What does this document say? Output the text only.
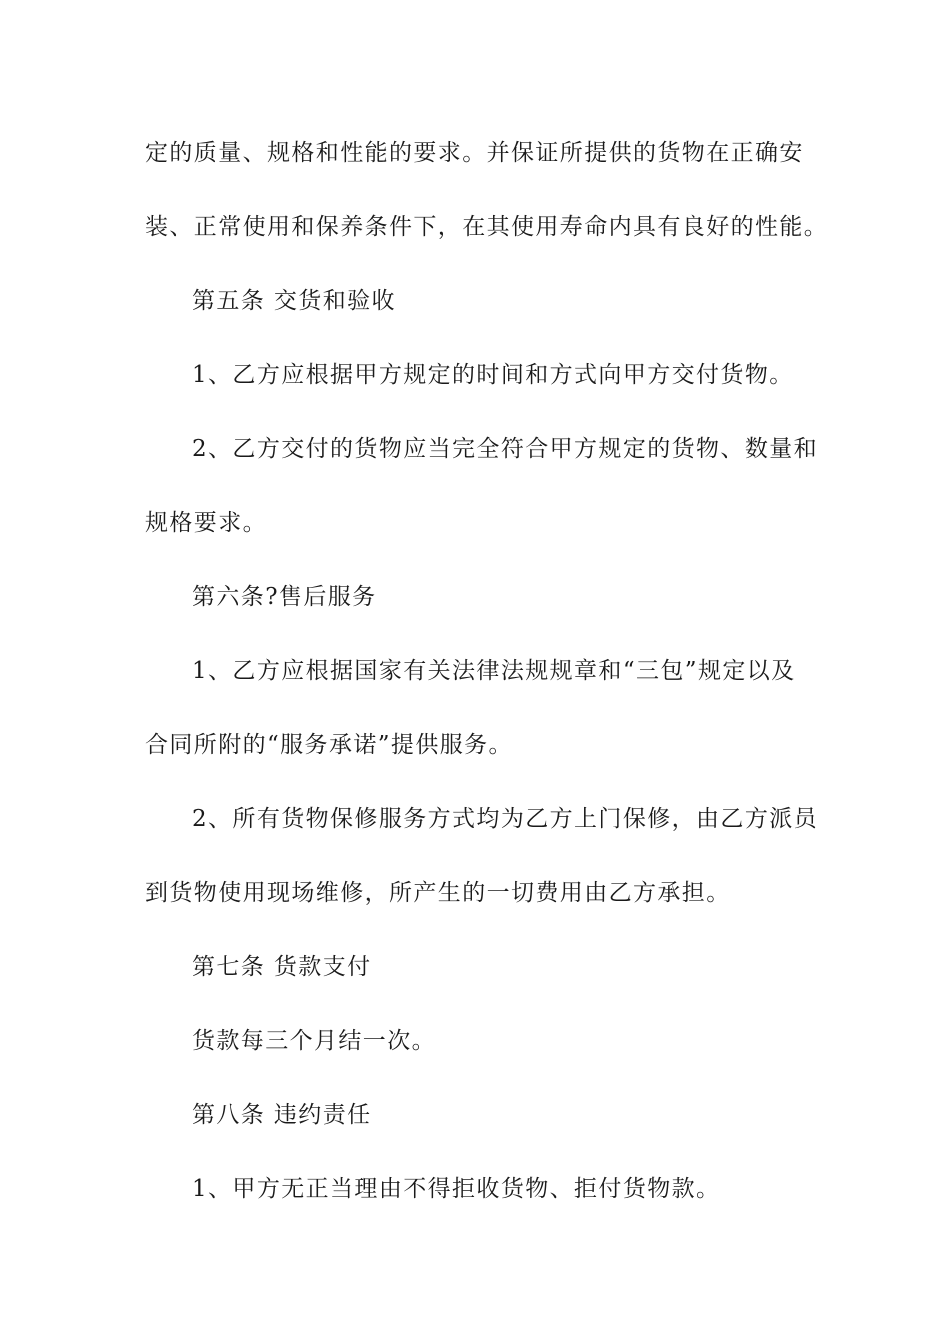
定的质量、规格和性能的要求。并保证所提供的货物在正确安
装、正常使用和保养条件下，在其使用寿命内具有良好的性能。
第五条 交货和验收
1、乙方应根据甲方规定的时间和方式向甲方交付货物。
2、乙方交付的货物应当完全符合甲方规定的货物、数量和
规格要求。
第六条?售后服务
1、乙方应根据国家有关法律法规规章和“三包”规定以及
合同所附的“服务承诺”提供服务。
2、所有货物保修服务方式均为乙方上门保修，由乙方派员
到货物使用现场维修，所产生的一切费用由乙方承担。
第七条 货款支付
货款每三个月结一次。
第八条 违约责任
1、甲方无正当理由不得拒收货物、拒付货物款。
